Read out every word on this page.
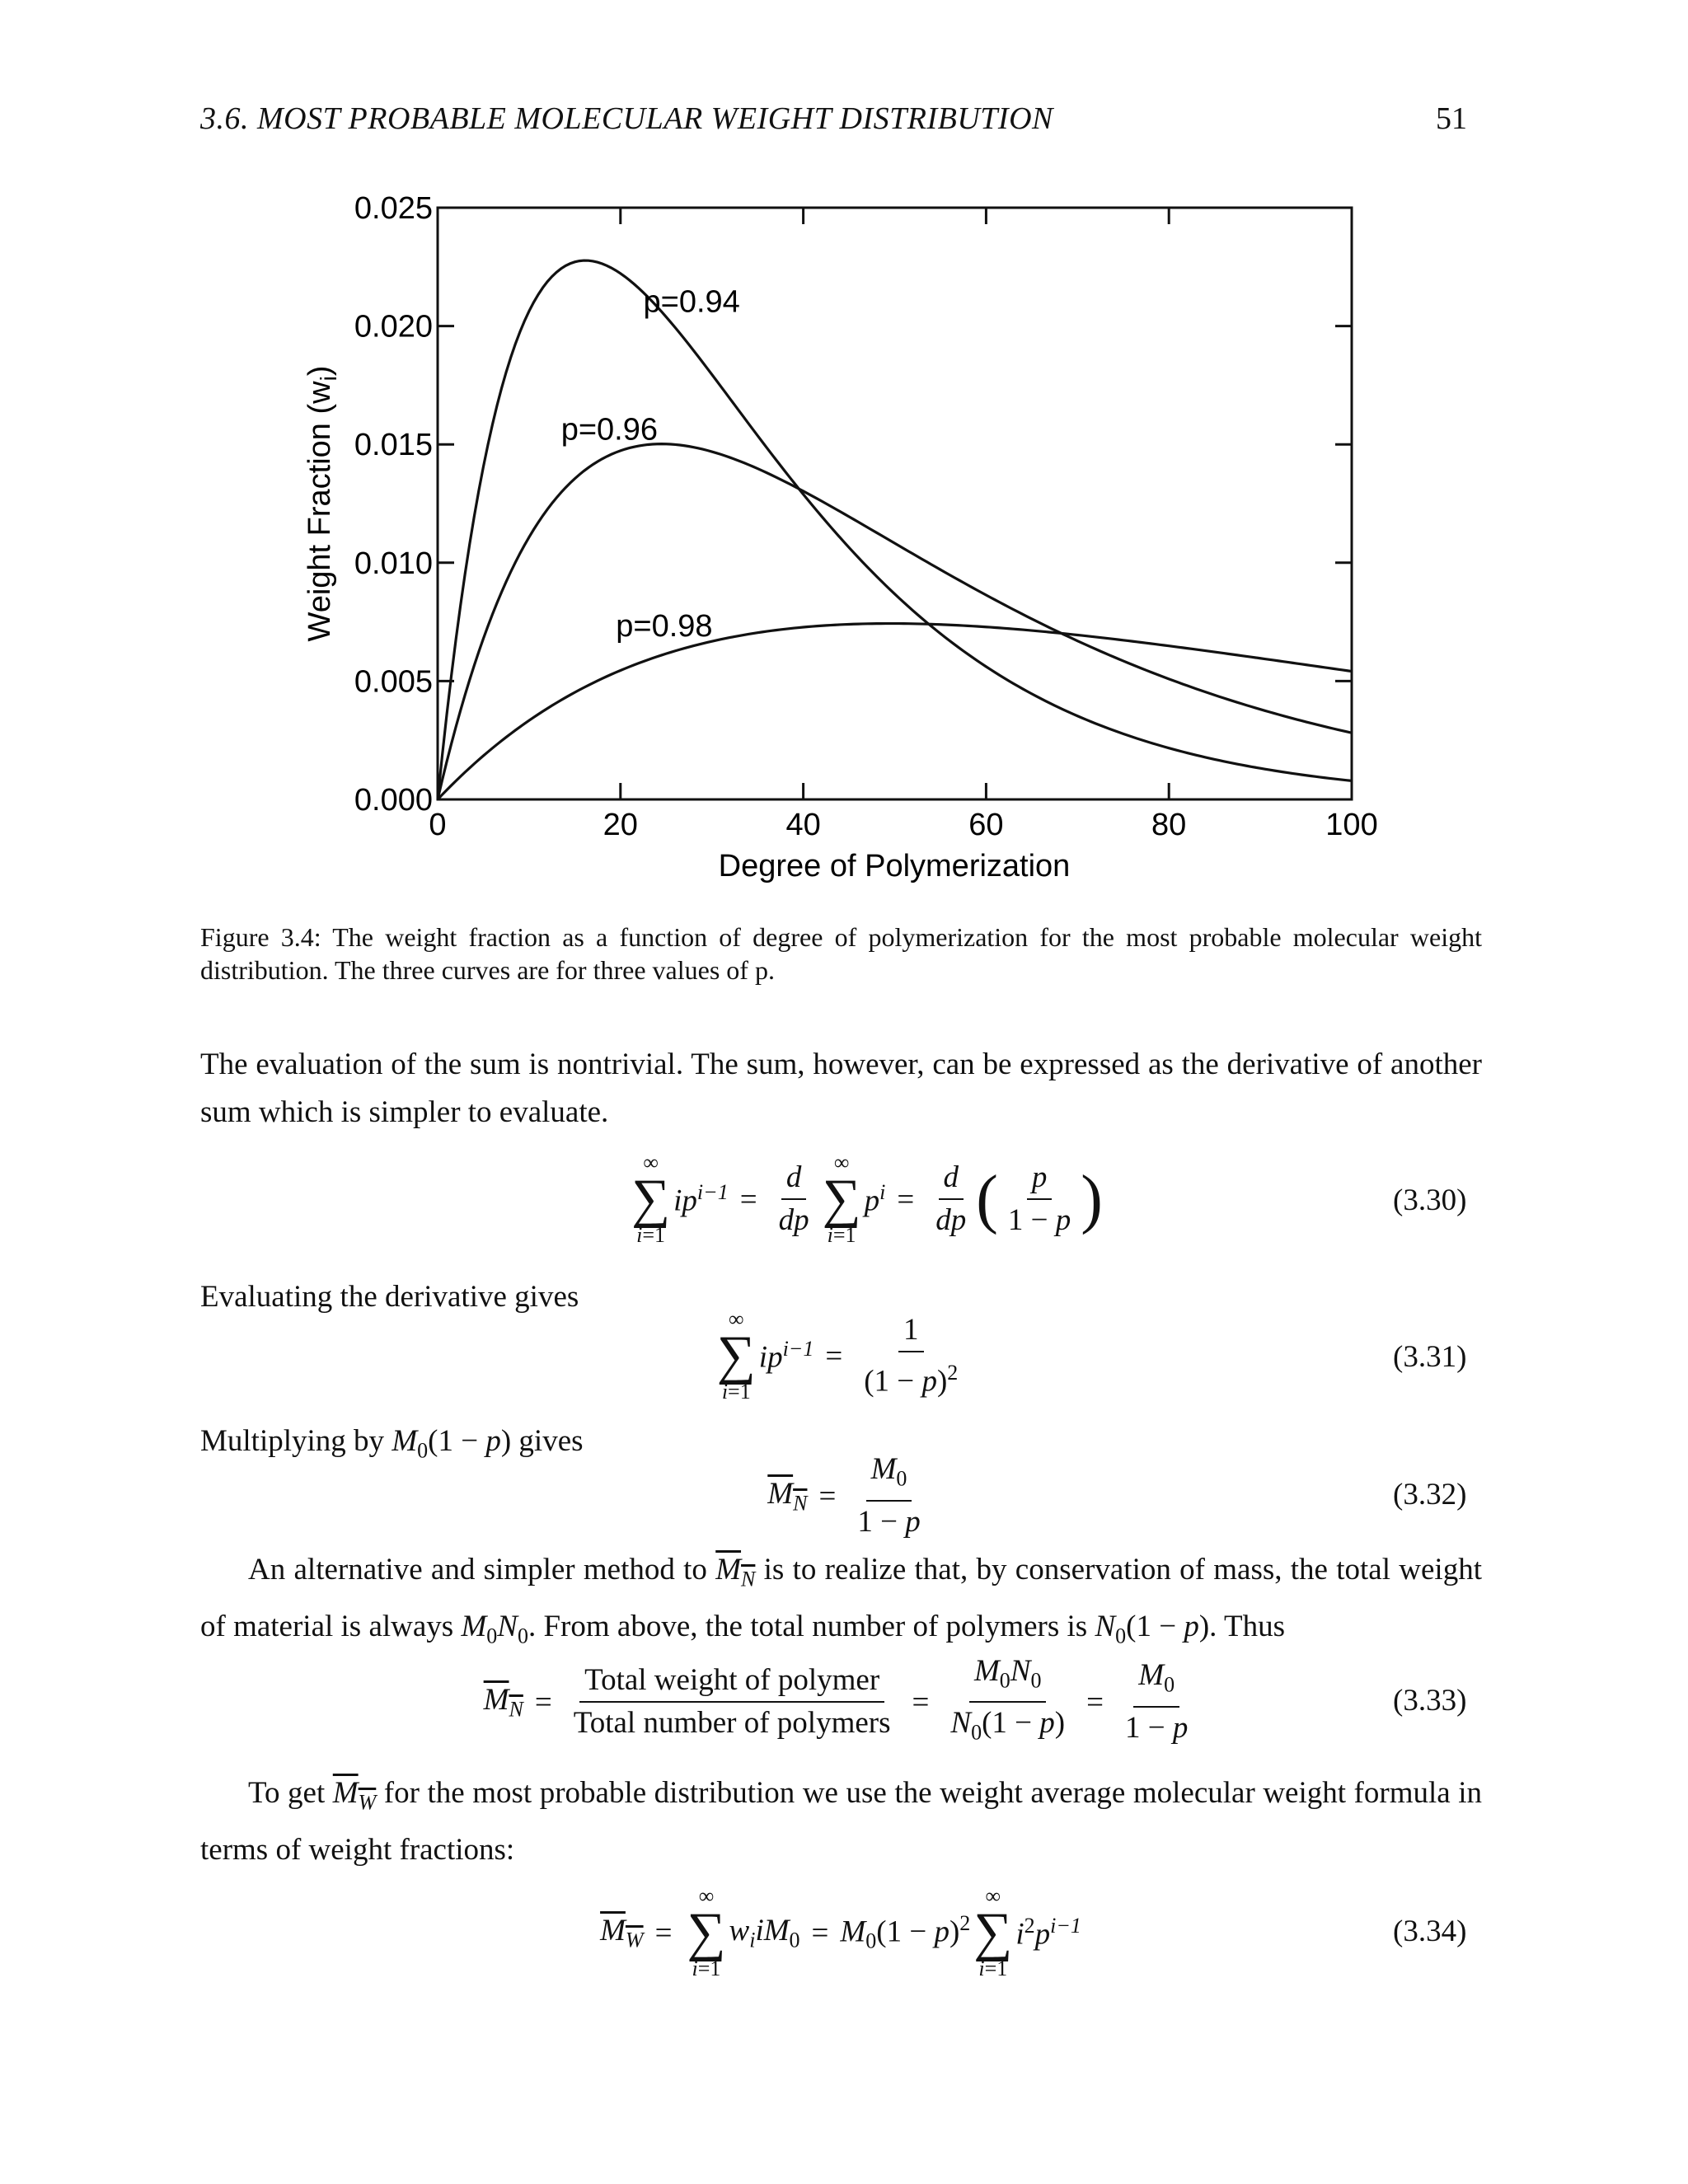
3.6. MOST PROBABLE MOLECULAR WEIGHT DISTRIBUTION	51
0.000
0.005
0.010
0.015
0.020
0.025
0	20	40	60	80	100
p=0.94
p=0.96
p=0.98
Degree of Polymerization
Weight Fraction $(w_i)$
Figure 3.4: The weight fraction as a function of degree of polymerization for the most probable molecular weight distribution. The three curves are for three values of p.
The evaluation of the sum is nontrivial. The sum, however, can be expressed as the derivative of another sum which is simpler to evaluate.
∞
∑
i=1
$ip^{i-1} = \frac{d}{dp}$ ∞
∑
i=1
$p^i = \frac{d}{dp}$ ( $\frac{p}{1 - p}$ )	(3.30)
Evaluating the derivative gives
∞
∑
i=1
$ip^{i-1} = \frac{1}{(1 - p)^2}$	(3.31)
Multiplying by $M_0(1 - p)$ gives
$M_N = \frac{M_0}{1 - p}$	(3.32)
An alternative and simpler method to $M_N$ is to realize that, by conservation of mass, the total weight of material is always $M_0N_0$. From above, the total number of polymers is $N_0(1 - p)$. Thus
$M_N = \frac{\text{Total weight of polymer}}{\text{Total number of polymers}} = \frac{M_0N_0}{N_0(1 - p)} = \frac{M_0}{1 - p}$	(3.33)
To get $M_W$ for the most probable distribution we use the weight average molecular weight formula in terms of weight fractions:
$M_W$ =
∞
∑
i=1
$w_iiM_0 = M_0(1 - p)^2$
∞
∑
i=1
$i^2p^{i-1}$	(3.34)
